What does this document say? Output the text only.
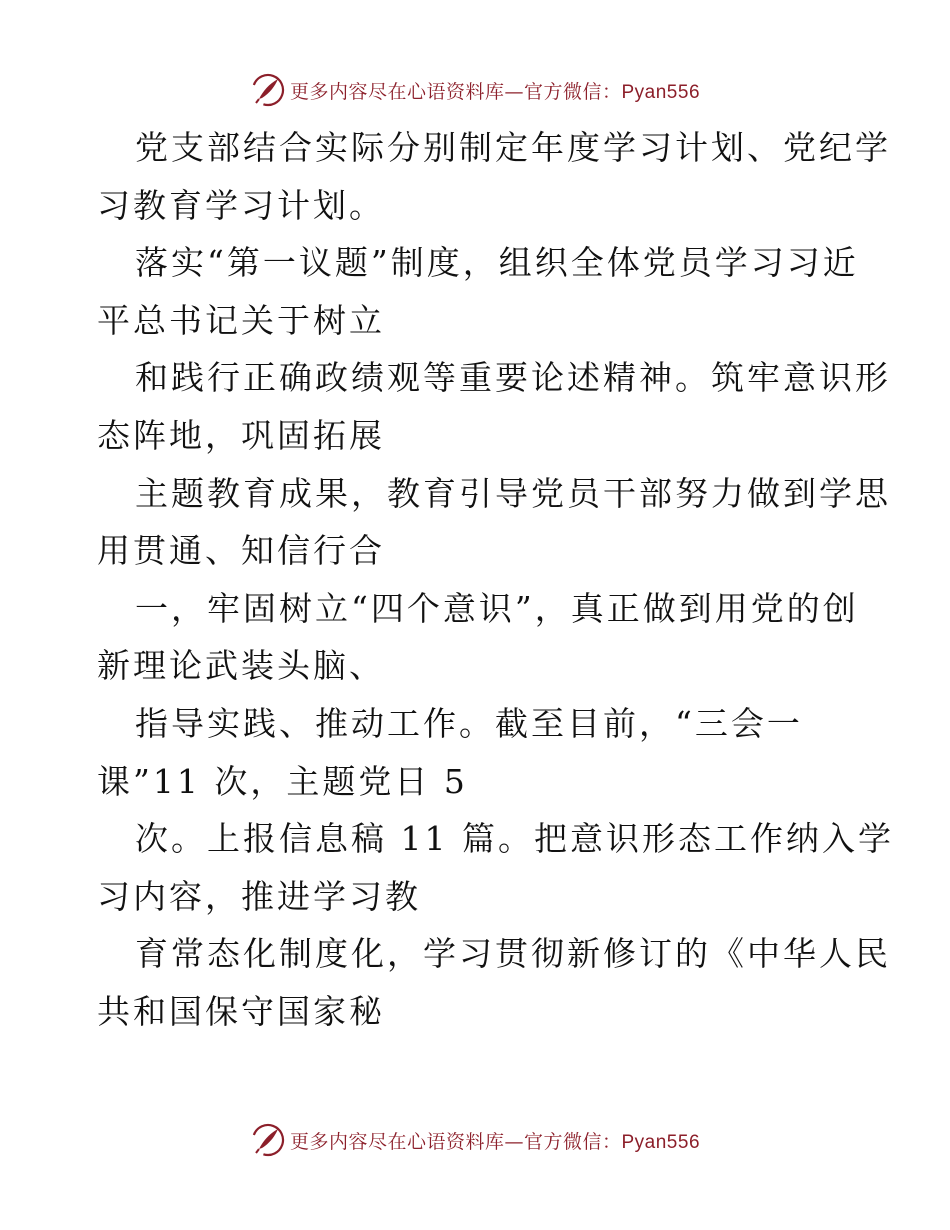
更多内容尽在心语资料库—官方微信：Pyan556
党支部结合实际分别制定年度学习计划、党纪学
习教育学习计划。
落实“第一议题”制度，组织全体党员学习习近
平总书记关于树立
和践行正确政绩观等重要论述精神。筑牢意识形
态阵地，巩固拓展
主题教育成果，教育引导党员干部努力做到学思
用贯通、知信行合
一，牢固树立“四个意识”，真正做到用党的创
新理论武装头脑、
指导实践、推动工作。截至目前，“三会一
课”11 次，主题党日 5
次。上报信息稿 11 篇。把意识形态工作纳入学
习内容，推进学习教
育常态化制度化，学习贯彻新修订的《中华人民
共和国保守国家秘
更多内容尽在心语资料库—官方微信：Pyan556
